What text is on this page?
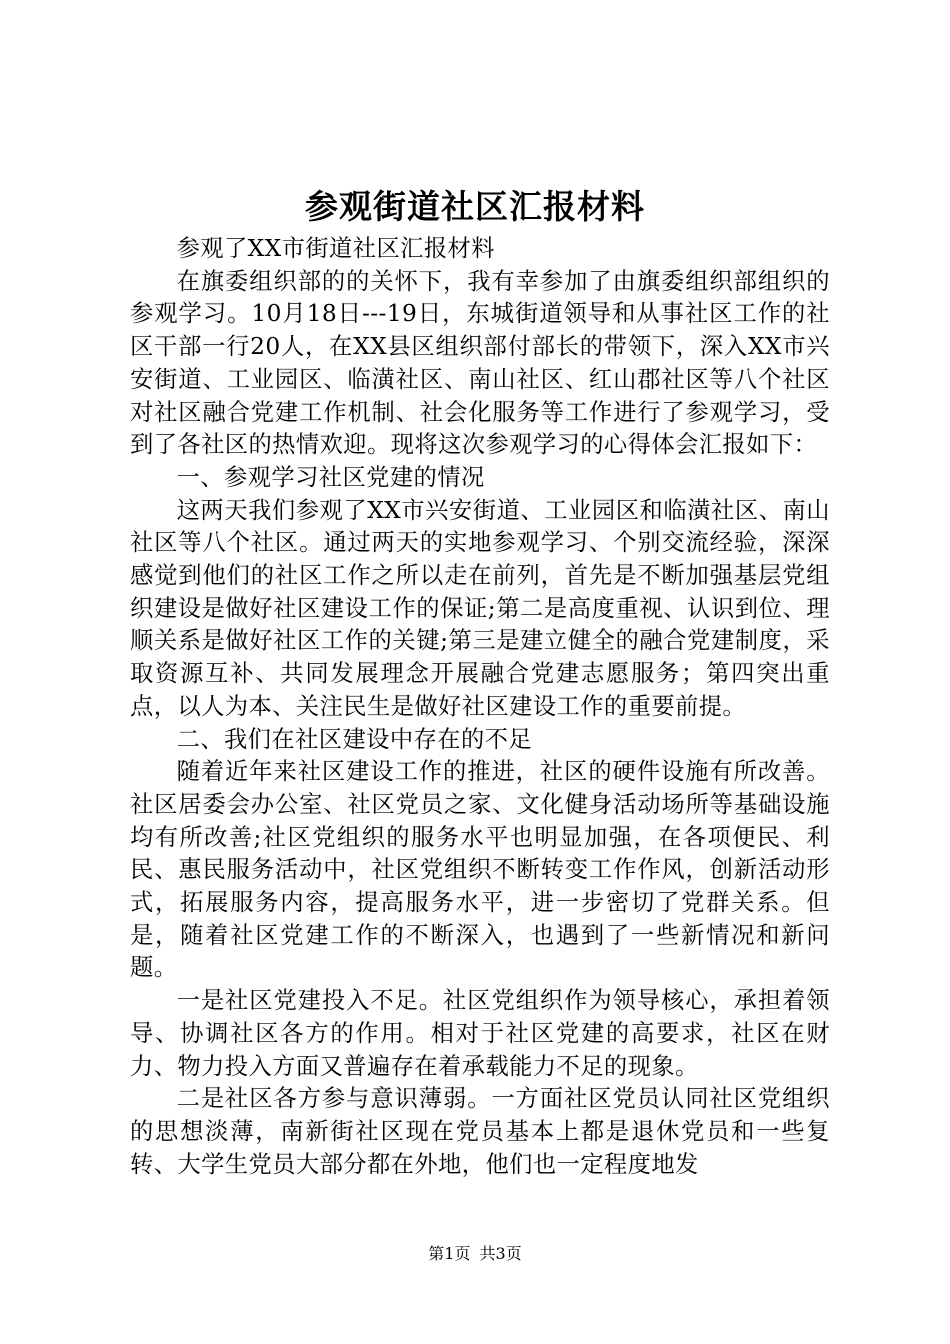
参观街道社区汇报材料

参观了XX市街道社区汇报材料

在旗委组织部的的关怀下，我有幸参加了由旗委组织部组织的参观学习。10月18日---19日，东城街道领导和从事社区工作的社区干部一行20人，在XX县区组织部付部长的带领下，深入XX市兴安街道、工业园区、临潢社区、南山社区、红山郡社区等八个社区对社区融合党建工作机制、社会化服务等工作进行了参观学习，受到了各社区的热情欢迎。现将这次参观学习的心得体会汇报如下：

一、参观学习社区党建的情况

这两天我们参观了XX市兴安街道、工业园区和临潢社区、南山社区等八个社区。通过两天的实地参观学习、个别交流经验，深深感觉到他们的社区工作之所以走在前列，首先是不断加强基层党组织建设是做好社区建设工作的保证;第二是高度重视、认识到位、理顺关系是做好社区工作的关键;第三是建立健全的融合党建制度，采取资源互补、共同发展理念开展融合党建志愿服务；第四突出重点，以人为本、关注民生是做好社区建设工作的重要前提。

二、我们在社区建设中存在的不足

随着近年来社区建设工作的推进，社区的硬件设施有所改善。社区居委会办公室、社区党员之家、文化健身活动场所等基础设施均有所改善;社区党组织的服务水平也明显加强，在各项便民、利民、惠民服务活动中，社区党组织不断转变工作作风，创新活动形式，拓展服务内容，提高服务水平，进一步密切了党群关系。但是，随着社区党建工作的不断深入，也遇到了一些新情况和新问题。

一是社区党建投入不足。社区党组织作为领导核心，承担着领导、协调社区各方的作用。相对于社区党建的高要求，社区在财力、物力投入方面又普遍存在着承载能力不足的现象。

二是社区各方参与意识薄弱。一方面社区党员认同社区党组织的思想淡薄，南新街社区现在党员基本上都是退休党员和一些复转、大学生党员大部分都在外地，他们也一定程度地发

第1页 共3页
